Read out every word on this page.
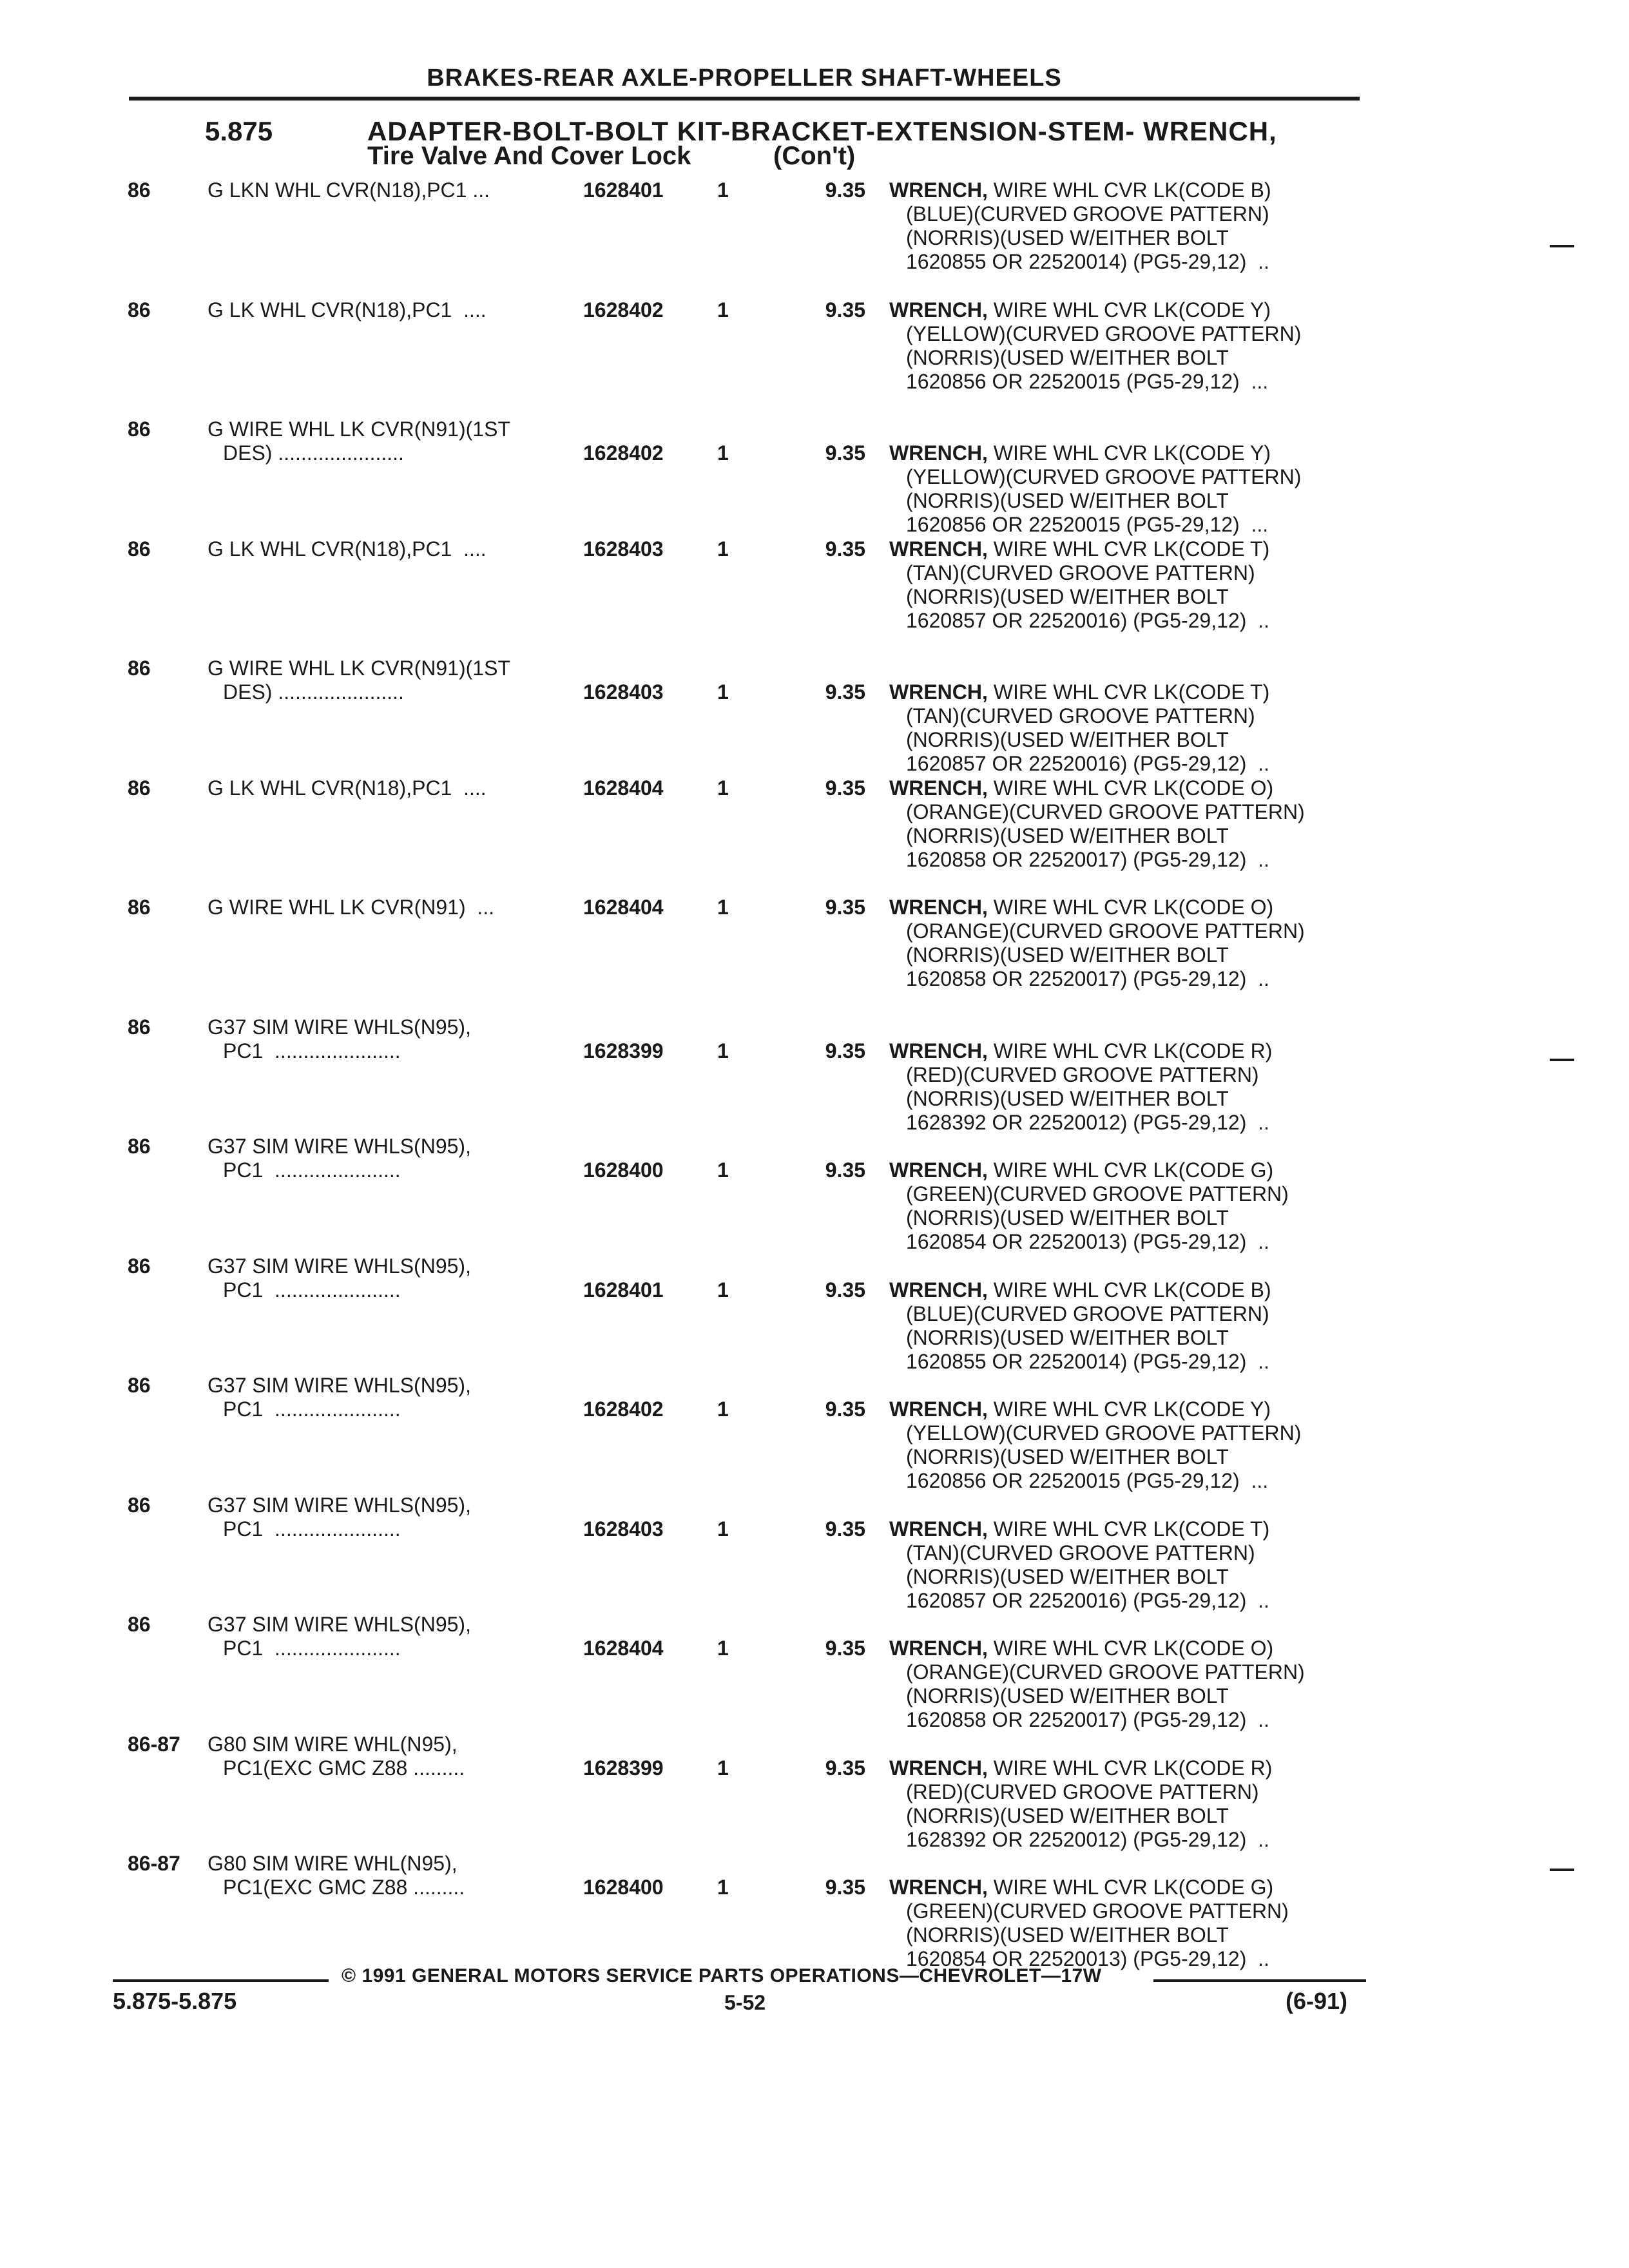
BRAKES-REAR AXLE-PROPELLER SHAFT-WHEELS
5.875	ADAPTER-BOLT-BOLT KIT-BRACKET-EXTENSION-STEM- WRENCH,
Tire Valve And Cover Lock	(Con't)
86	G LKN WHL CVR(N18),PC1 ...	1628401	1	9.35 WRENCH, WIRE WHL CVR LK(CODE B)
(BLUE)(CURVED GROOVE PATTERN)
(NORRIS)(USED W/EITHER BOLT
1620855 OR 22520014) (PG5-29,12)  ..
86	G LK WHL CVR(N18),PC1  ....	1628402	1	9.35 WRENCH, WIRE WHL CVR LK(CODE Y)
(YELLOW)(CURVED GROOVE PATTERN)
(NORRIS)(USED W/EITHER BOLT
1620856 OR 22520015 (PG5-29,12)  ...
86	G WIRE WHL LK CVR(N91)(1ST
DES) ......................	1628402	1	9.35 WRENCH, WIRE WHL CVR LK(CODE Y)
(YELLOW)(CURVED GROOVE PATTERN)
(NORRIS)(USED W/EITHER BOLT
1620856 OR 22520015 (PG5-29,12)  ...
86	G LK WHL CVR(N18),PC1  ....	1628403	1	9.35 WRENCH, WIRE WHL CVR LK(CODE T)
(TAN)(CURVED GROOVE PATTERN)
(NORRIS)(USED W/EITHER BOLT
1620857 OR 22520016) (PG5-29,12)  ..
86	G WIRE WHL LK CVR(N91)(1ST
DES) ......................	1628403	1	9.35 WRENCH, WIRE WHL CVR LK(CODE T)
(TAN)(CURVED GROOVE PATTERN)
(NORRIS)(USED W/EITHER BOLT
1620857 OR 22520016) (PG5-29,12)  ..
86	G LK WHL CVR(N18),PC1  ....	1628404	1	9.35 WRENCH, WIRE WHL CVR LK(CODE O)
(ORANGE)(CURVED GROOVE PATTERN)
(NORRIS)(USED W/EITHER BOLT
1620858 OR 22520017) (PG5-29,12)  ..
86	G WIRE WHL LK CVR(N91)  ...	1628404	1	9.35 WRENCH, WIRE WHL CVR LK(CODE O)
(ORANGE)(CURVED GROOVE PATTERN)
(NORRIS)(USED W/EITHER BOLT
1620858 OR 22520017) (PG5-29,12)  ..
86	G37 SIM WIRE WHLS(N95),
PC1  ......................	1628399	1	9.35 WRENCH, WIRE WHL CVR LK(CODE R)
(RED)(CURVED GROOVE PATTERN)
(NORRIS)(USED W/EITHER BOLT
1628392 OR 22520012) (PG5-29,12)  ..
86	G37 SIM WIRE WHLS(N95),
PC1  ......................	1628400	1	9.35 WRENCH, WIRE WHL CVR LK(CODE G)
(GREEN)(CURVED GROOVE PATTERN)
(NORRIS)(USED W/EITHER BOLT
1620854 OR 22520013) (PG5-29,12)  ..
86	G37 SIM WIRE WHLS(N95),
PC1  ......................	1628401	1	9.35 WRENCH, WIRE WHL CVR LK(CODE B)
(BLUE)(CURVED GROOVE PATTERN)
(NORRIS)(USED W/EITHER BOLT
1620855 OR 22520014) (PG5-29,12)  ..
86	G37 SIM WIRE WHLS(N95),
PC1  ......................	1628402	1	9.35 WRENCH, WIRE WHL CVR LK(CODE Y)
(YELLOW)(CURVED GROOVE PATTERN)
(NORRIS)(USED W/EITHER BOLT
1620856 OR 22520015 (PG5-29,12)  ...
86	G37 SIM WIRE WHLS(N95),
PC1  ......................	1628403	1	9.35 WRENCH, WIRE WHL CVR LK(CODE T)
(TAN)(CURVED GROOVE PATTERN)
(NORRIS)(USED W/EITHER BOLT
1620857 OR 22520016) (PG5-29,12)  ..
86	G37 SIM WIRE WHLS(N95),
PC1  ......................	1628404	1	9.35 WRENCH, WIRE WHL CVR LK(CODE O)
(ORANGE)(CURVED GROOVE PATTERN)
(NORRIS)(USED W/EITHER BOLT
1620858 OR 22520017) (PG5-29,12)  ..
86-87 G80 SIM WIRE WHL(N95),
PC1(EXC GMC Z88 .........	1628399	1	9.35 WRENCH, WIRE WHL CVR LK(CODE R)
(RED)(CURVED GROOVE PATTERN)
(NORRIS)(USED W/EITHER BOLT
1628392 OR 22520012) (PG5-29,12)  ..
86-87 G80 SIM WIRE WHL(N95),
PC1(EXC GMC Z88 .........	1628400	1	9.35 WRENCH, WIRE WHL CVR LK(CODE G)
(GREEN)(CURVED GROOVE PATTERN)
(NORRIS)(USED W/EITHER BOLT
1620854 OR 22520013) (PG5-29,12)  ..
© 1991 GENERAL MOTORS SERVICE PARTS OPERATIONS—CHEVROLET—17W
5.875-5.875	5-52	(6-91)
